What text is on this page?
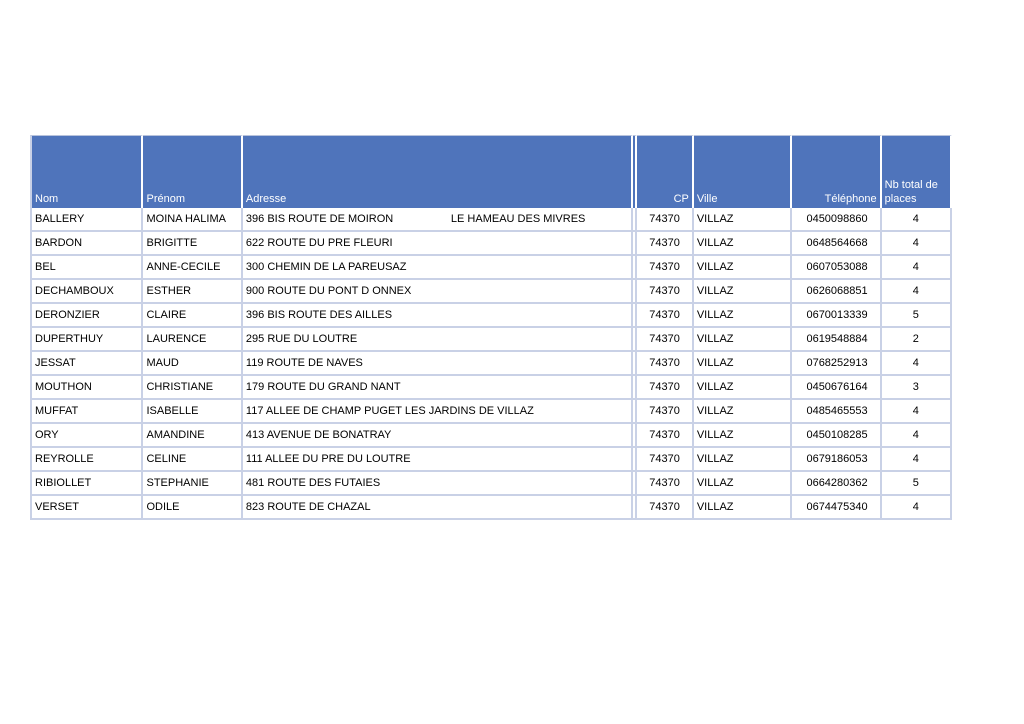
Nom	Prénom	Adresse		CP	Ville	Téléphone	Nb total de places
BALLERY	MOINA HALIMA	396 BIS ROUTE DE MOIRON LE HAMEAU DES MIVRES		74370	VILLAZ	0450098860	4
BARDON	BRIGITTE	622 ROUTE DU PRE FLEURI		74370	VILLAZ	0648564668	4
BEL	ANNE-CECILE	300 CHEMIN DE LA PAREUSAZ		74370	VILLAZ	0607053088	4
DECHAMBOUX	ESTHER	900 ROUTE DU PONT D ONNEX		74370	VILLAZ	0626068851	4
DERONZIER	CLAIRE	396 BIS ROUTE DES AILLES		74370	VILLAZ	0670013339	5
DUPERTHUY	LAURENCE	295 RUE DU LOUTRE		74370	VILLAZ	0619548884	2
JESSAT	MAUD	119 ROUTE DE NAVES		74370	VILLAZ	0768252913	4
MOUTHON	CHRISTIANE	179 ROUTE DU GRAND NANT		74370	VILLAZ	0450676164	3
MUFFAT	ISABELLE	117 ALLEE DE CHAMP PUGET LES JARDINS DE VILLAZ		74370	VILLAZ	0485465553	4
ORY	AMANDINE	413 AVENUE DE BONATRAY		74370	VILLAZ	0450108285	4
REYROLLE	CELINE	111 ALLEE DU PRE DU LOUTRE		74370	VILLAZ	0679186053	4
RIBIOLLET	STEPHANIE	481 ROUTE DES FUTAIES		74370	VILLAZ	0664280362	5
VERSET	ODILE	823 ROUTE DE CHAZAL		74370	VILLAZ	0674475340	4
